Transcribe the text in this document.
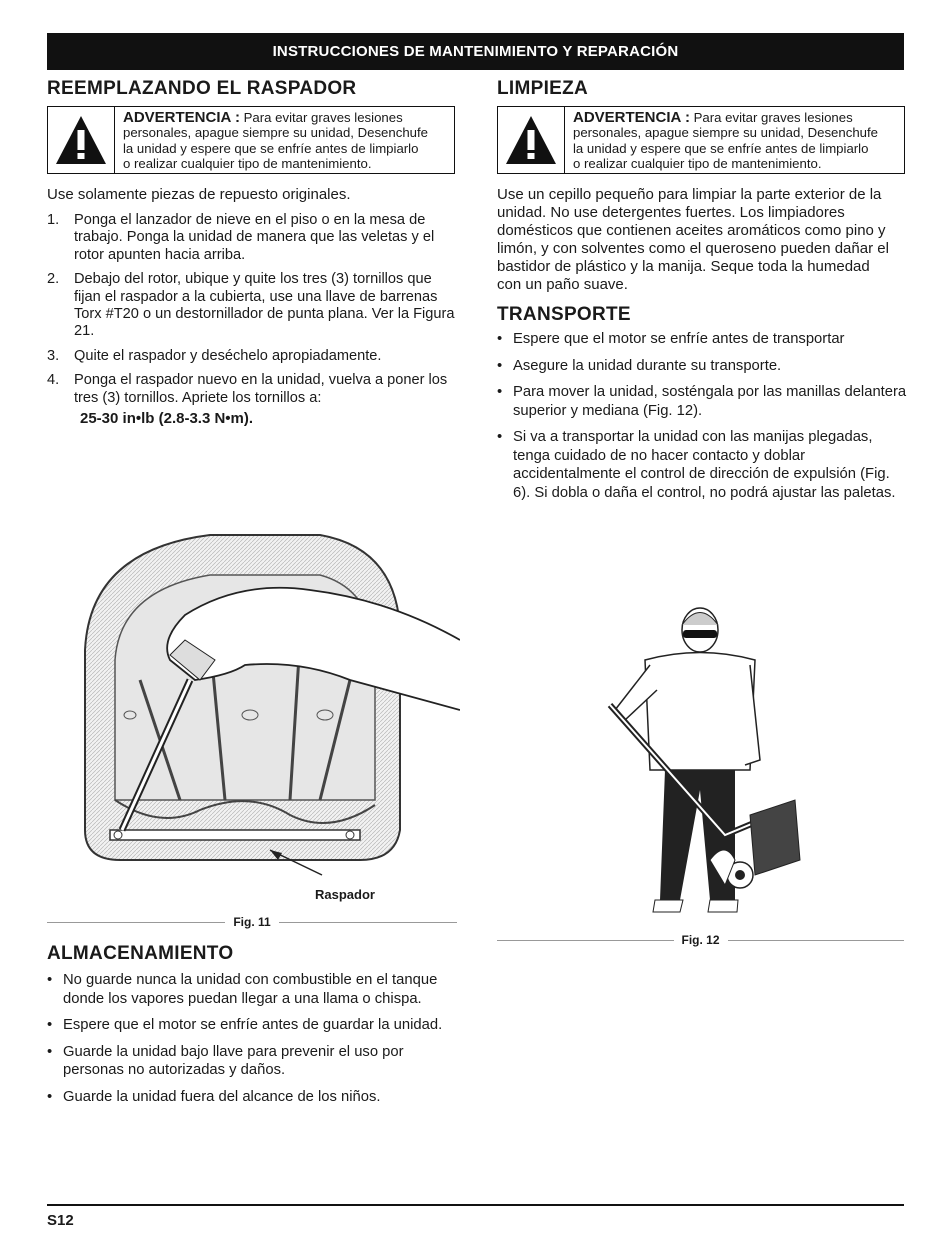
INSTRUCCIONES DE MANTENIMIENTO Y REPARACIÓN
REEMPLAZANDO EL RASPADOR
ADVERTENCIA : Para evitar graves lesiones
personales, apague siempre su unidad, Desenchufe
la unidad y espere que se enfríe antes de limpiarlo
o realizar cualquier tipo de mantenimiento.

Use solamente piezas de repuesto originales.

1.	Ponga el lanzador de nieve en el piso o en la mesa de trabajo. Ponga la unidad de manera que las veletas y el rotor apunten hacia arriba.
2.	Debajo del rotor, ubique y quite los tres (3) tornillos que fijan el raspador a la cubierta, use una llave de barrenas Torx #T20 o un destornillador de punta plana. Ver la Figura 21.
3.	Quite el raspador y deséchelo apropiadamente.
4.	Ponga el raspador nuevo en la unidad, vuelva a poner los tres (3) tornillos. Apriete los tornillos a:
25-30 in•lb (2.8-3.3 N•m).
Raspador
Fig. 11
ALMACENAMIENTO
• No guarde nunca la unidad con combustible en el tanque donde los vapores puedan llegar a una llama o chispa.
• Espere que el motor se enfríe antes de guardar la unidad.
• Guarde la unidad bajo llave para prevenir el uso por personas no autorizadas y daños.
• Guarde la unidad fuera del alcance de los niños.
LIMPIEZA
ADVERTENCIA : Para evitar graves lesiones
personales, apague siempre su unidad, Desenchufe
la unidad y espere que se enfríe antes de limpiarlo
o realizar cualquier tipo de mantenimiento.

Use un cepillo pequeño para limpiar la parte exterior de la unidad. No use detergentes fuertes. Los limpiadores domésticos que contienen aceites aromáticos como pino y limón, y con solventes como el queroseno pueden dañar el bastidor de plástico y la manija. Seque toda la humedad con un paño suave.

TRANSPORTE
• Espere que el motor se enfríe antes de transportar
• Asegure la unidad durante su transporte.
• Para mover la unidad, sosténgala por las manillas delantera superior y mediana (Fig. 12).
• Si va a transportar la unidad con las manijas plegadas, tenga cuidado de no hacer contacto y doblar accidentalmente el control de dirección de expulsión (Fig. 6). Si dobla o daña el control, no podrá ajustar las paletas.
Fig. 12
S12
